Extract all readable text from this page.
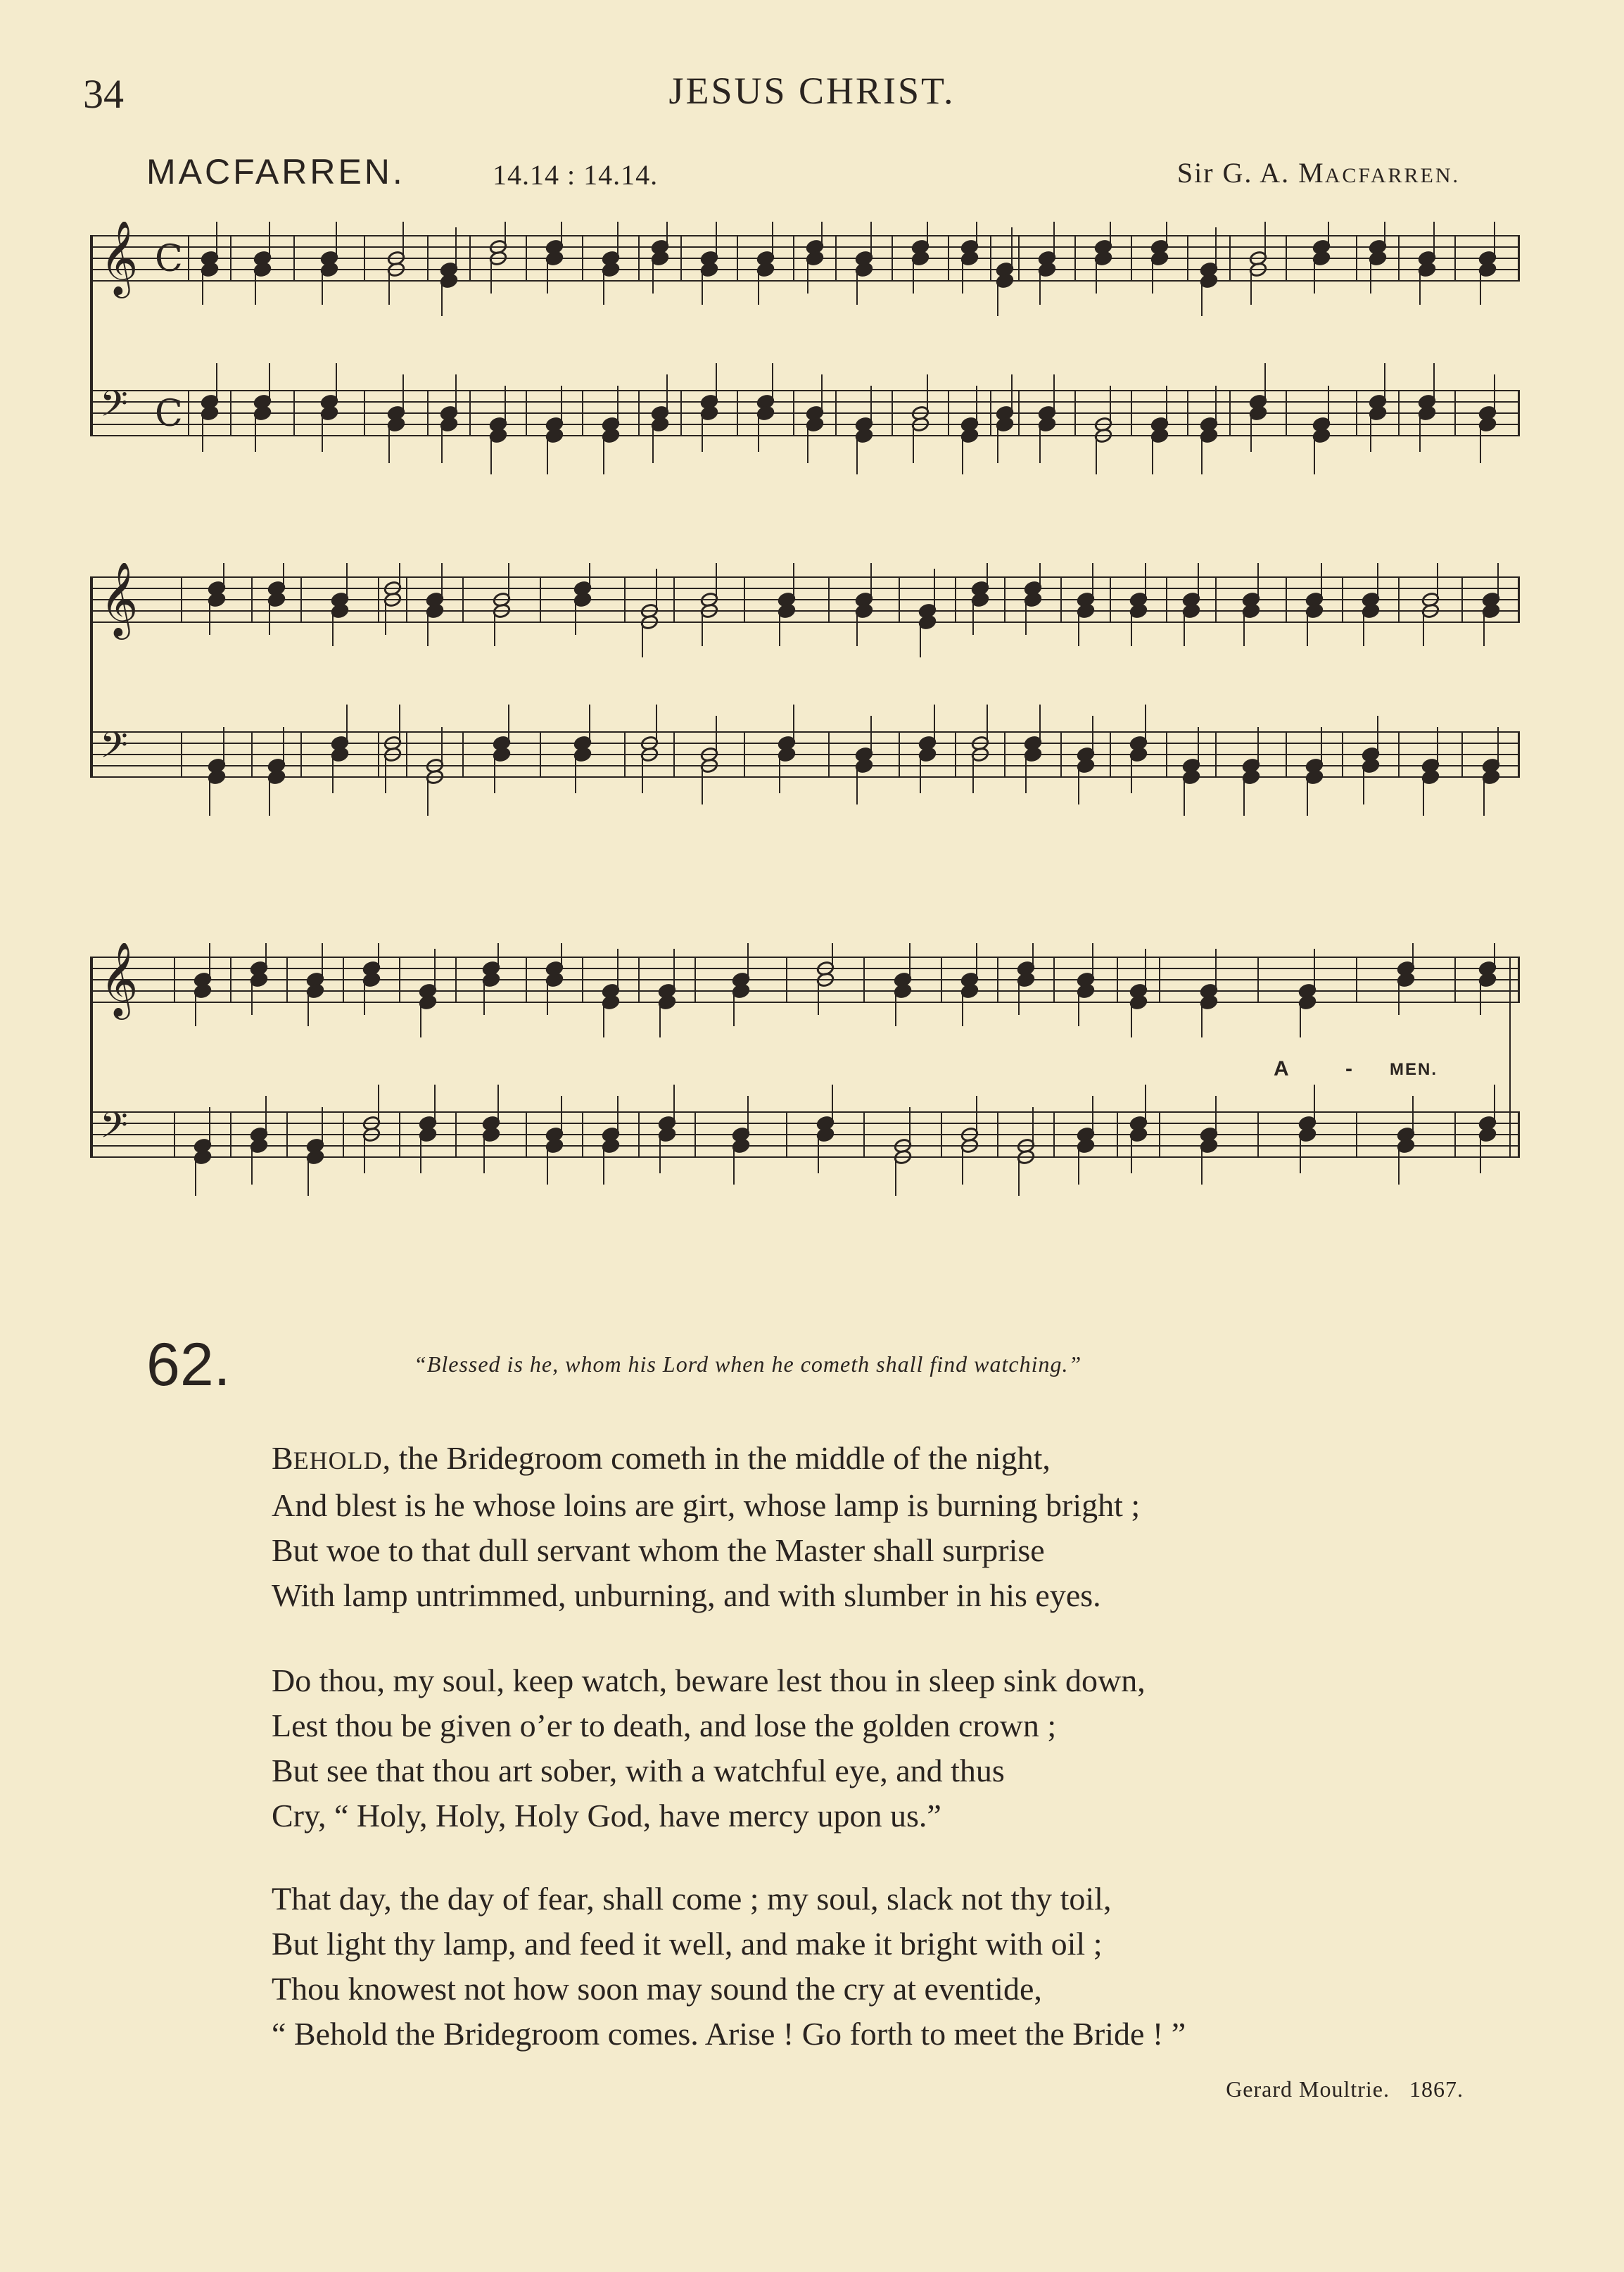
34	JESUS CHRIST.
MACFARREN.	14.14 : 14.14.	Sir G. A. MACFARREN.
𝄞
𝄢
C
C
𝄞
𝄢
𝄞
𝄢
A	- MEN.
62.	“Blessed is he, whom his Lord when he cometh shall find watching.”
BEHOLD, the Bridegroom cometh in the middle of the night,
And blest is he whose loins are girt, whose lamp is burning bright ;
But woe to that dull servant whom the Master shall surprise
With lamp untrimmed, unburning, and with slumber in his eyes.
Do thou, my soul, keep watch, beware lest thou in sleep sink down,
Lest thou be given o’er to death, and lose the golden crown ;
But see that thou art sober, with a watchful eye, and thus
Cry, “ Holy, Holy, Holy God, have mercy upon us.”
That day, the day of fear, shall come ; my soul, slack not thy toil,
But light thy lamp, and feed it well, and make it bright with oil ;
Thou knowest not how soon may sound the cry at eventide,
“ Behold the Bridegroom comes. Arise ! Go forth to meet the Bride ! ”
Gerard Moultrie. 1867.
